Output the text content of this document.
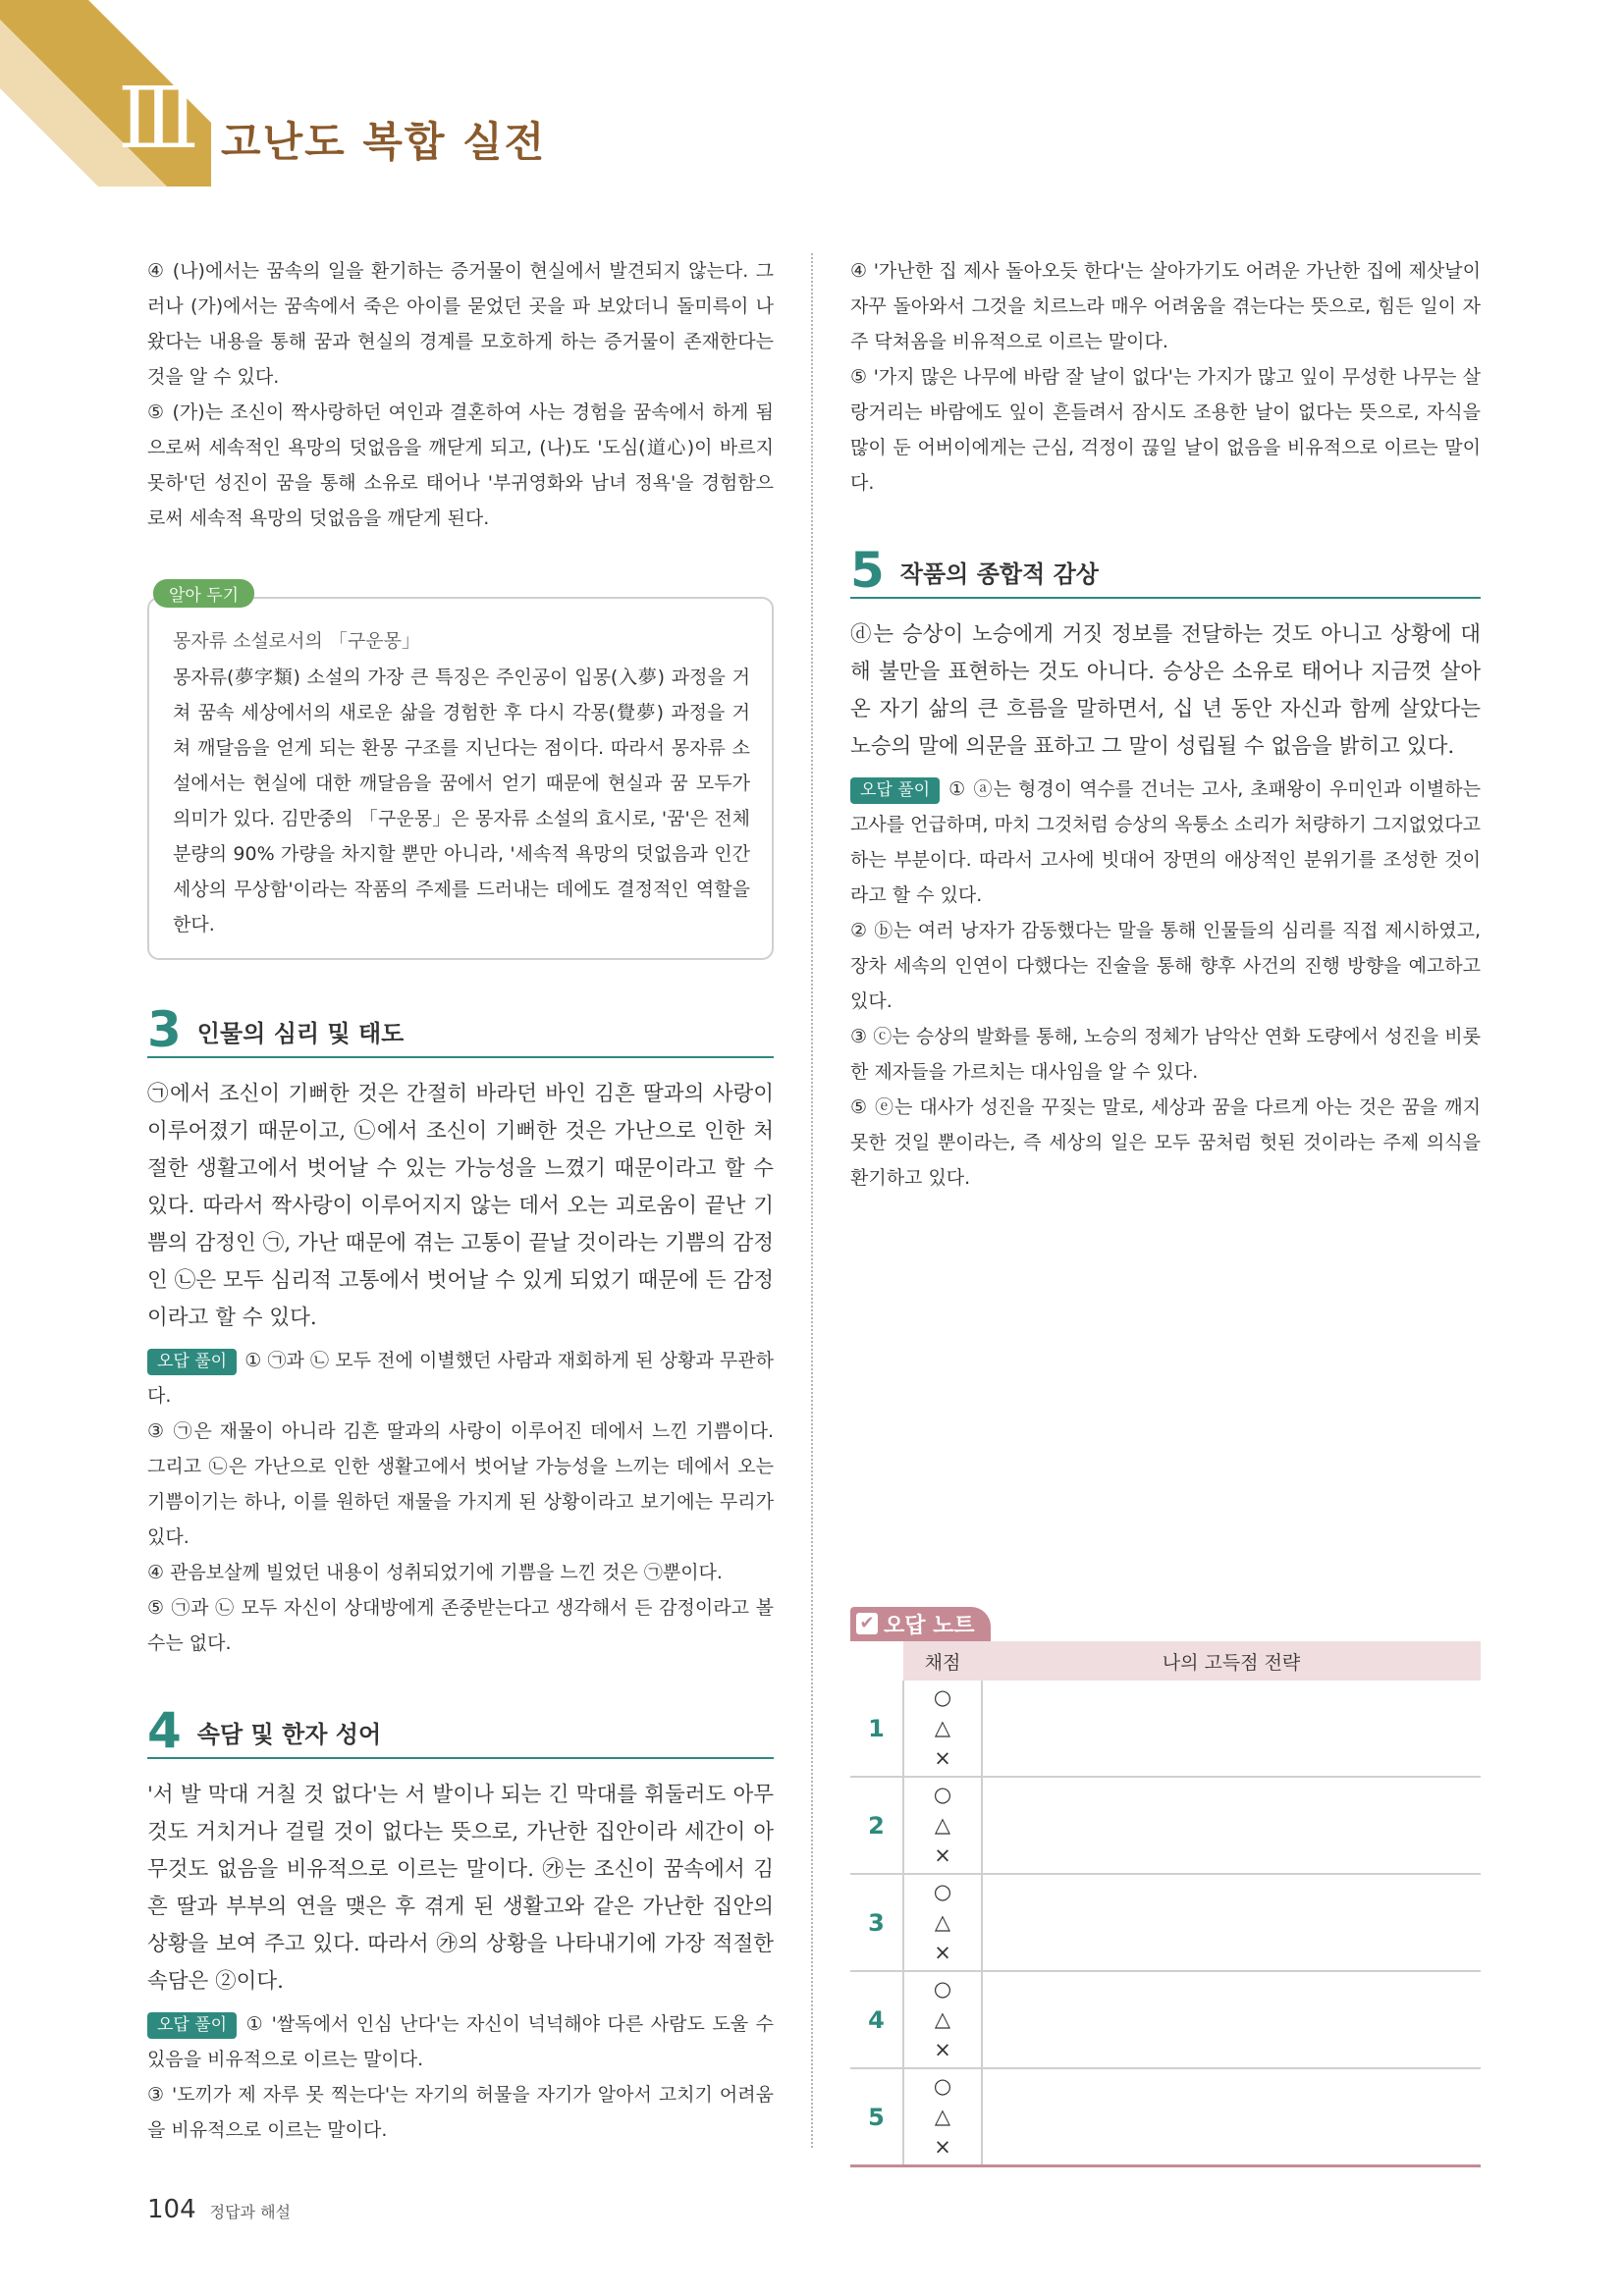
Ⅲ 고난도 복합 실전

④ (나)에서는 꿈속의 일을 환기하는 증거물이 현실에서 발견되지 않는다. 그러나 (가)에서는 꿈속에서 죽은 아이를 묻었던 곳을 파 보았더니 돌미륵이 나왔다는 내용을 통해 꿈과 현실의 경계를 모호하게 하는 증거물이 존재한다는 것을 알 수 있다.

⑤ (가)는 조신이 짝사랑하던 여인과 결혼하여 사는 경험을 꿈속에서 하게 됨으로써 세속적인 욕망의 덧없음을 깨닫게 되고, (나)도 '도심(道心)이 바르지 못하'던 성진이 꿈을 통해 소유로 태어나 '부귀영화와 남녀 정욕'을 경험함으로써 세속적 욕망의 덧없음을 깨닫게 된다.

알아 두기
몽자류 소설로서의 「구운몽」

몽자류(夢字類) 소설의 가장 큰 특징은 주인공이 입몽(入夢) 과정을 거쳐 꿈속 세상에서의 새로운 삶을 경험한 후 다시 각몽(覺夢) 과정을 거쳐 깨달음을 얻게 되는 환몽 구조를 지닌다는 점이다. 따라서 몽자류 소설에서는 현실에 대한 깨달음을 꿈에서 얻기 때문에 현실과 꿈 모두가 의미가 있다. 김만중의 「구운몽」은 몽자류 소설의 효시로, '꿈'은 전체 분량의 90% 가량을 차지할 뿐만 아니라, '세속적 욕망의 덧없음과 인간 세상의 무상함'이라는 작품의 주제를 드러내는 데에도 결정적인 역할을 한다.

3 인물의 심리 및 태도

㉠에서 조신이 기뻐한 것은 간절히 바라던 바인 김흔 딸과의 사랑이 이루어졌기 때문이고, ㉡에서 조신이 기뻐한 것은 가난으로 인한 처절한 생활고에서 벗어날 수 있는 가능성을 느꼈기 때문이라고 할 수 있다. 따라서 짝사랑이 이루어지지 않는 데서 오는 괴로움이 끝난 기쁨의 감정인 ㉠, 가난 때문에 겪는 고통이 끝날 것이라는 기쁨의 감정인 ㉡은 모두 심리적 고통에서 벗어날 수 있게 되었기 때문에 든 감정이라고 할 수 있다.

오답 풀이 ① ㉠과 ㉡ 모두 전에 이별했던 사람과 재회하게 된 상황과 무관하다.

③ ㉠은 재물이 아니라 김흔 딸과의 사랑이 이루어진 데에서 느낀 기쁨이다. 그리고 ㉡은 가난으로 인한 생활고에서 벗어날 가능성을 느끼는 데에서 오는 기쁨이기는 하나, 이를 원하던 재물을 가지게 된 상황이라고 보기에는 무리가 있다.

④ 관음보살께 빌었던 내용이 성취되었기에 기쁨을 느낀 것은 ㉠뿐이다.

⑤ ㉠과 ㉡ 모두 자신이 상대방에게 존중받는다고 생각해서 든 감정이라고 볼 수는 없다.

4 속담 및 한자 성어

'서 발 막대 거칠 것 없다'는 서 발이나 되는 긴 막대를 휘둘러도 아무것도 거치거나 걸릴 것이 없다는 뜻으로, 가난한 집안이라 세간이 아무것도 없음을 비유적으로 이르는 말이다. ㉮는 조신이 꿈속에서 김흔 딸과 부부의 연을 맺은 후 겪게 된 생활고와 같은 가난한 집안의 상황을 보여 주고 있다. 따라서 ㉮의 상황을 나타내기에 가장 적절한 속담은 ②이다.

오답 풀이 ① '쌀독에서 인심 난다'는 자신이 넉넉해야 다른 사람도 도울 수 있음을 비유적으로 이르는 말이다.

③ '도끼가 제 자루 못 찍는다'는 자기의 허물을 자기가 알아서 고치기 어려움을 비유적으로 이르는 말이다.

④ '가난한 집 제사 돌아오듯 한다'는 살아가기도 어려운 가난한 집에 제삿날이 자꾸 돌아와서 그것을 치르느라 매우 어려움을 겪는다는 뜻으로, 힘든 일이 자주 닥쳐옴을 비유적으로 이르는 말이다.

⑤ '가지 많은 나무에 바람 잘 날이 없다'는 가지가 많고 잎이 무성한 나무는 살랑거리는 바람에도 잎이 흔들려서 잠시도 조용한 날이 없다는 뜻으로, 자식을 많이 둔 어버이에게는 근심, 걱정이 끊일 날이 없음을 비유적으로 이르는 말이다.

5 작품의 종합적 감상

ⓓ는 승상이 노승에게 거짓 정보를 전달하는 것도 아니고 상황에 대해 불만을 표현하는 것도 아니다. 승상은 소유로 태어나 지금껏 살아온 자기 삶의 큰 흐름을 말하면서, 십 년 동안 자신과 함께 살았다는 노승의 말에 의문을 표하고 그 말이 성립될 수 없음을 밝히고 있다.

오답 풀이 ① ⓐ는 형경이 역수를 건너는 고사, 초패왕이 우미인과 이별하는 고사를 언급하며, 마치 그것처럼 승상의 옥퉁소 소리가 처량하기 그지없었다고 하는 부분이다. 따라서 고사에 빗대어 장면의 애상적인 분위기를 조성한 것이라고 할 수 있다.

② ⓑ는 여러 낭자가 감동했다는 말을 통해 인물들의 심리를 직접 제시하였고, 장차 세속의 인연이 다했다는 진술을 통해 향후 사건의 진행 방향을 예고하고 있다.

③ ⓒ는 승상의 발화를 통해, 노승의 정체가 남악산 연화 도량에서 성진을 비롯한 제자들을 가르치는 대사임을 알 수 있다.

⑤ ⓔ는 대사가 성진을 꾸짖는 말로, 세상과 꿈을 다르게 아는 것은 꿈을 깨지 못한 것일 뿐이라는, 즉 세상의 일은 모두 꿈처럼 헛된 것이라는 주제 의식을 환기하고 있다.

✔ 오답 노트
	채점	나의 고득점 전략
1	○
△
×	

2	○
△
×	

3	○
△
×	

4	○
△
×	

5	○
△
×	

104 정답과 해설
